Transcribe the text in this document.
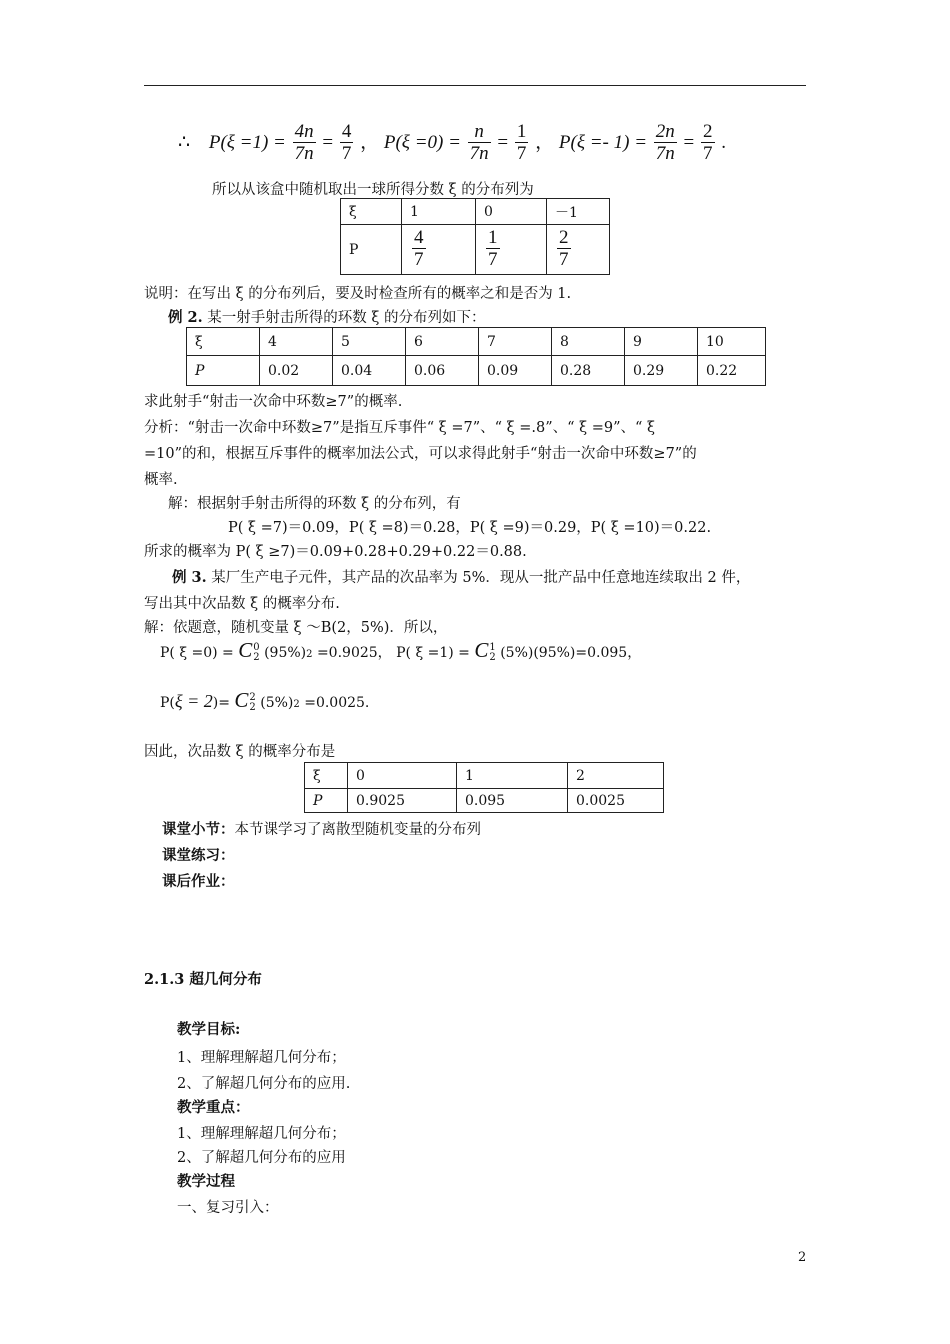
∴ $P(\xi =1) = \frac{4n}{7n} = \frac{4}{7}$ ， $P(\xi =0) = \frac{n}{7n} = \frac{1}{7}$ ， $P(\xi =- 1) = \frac{2n}{7n} = \frac{2}{7}$ .
所以从该盒中随机取出一球所得分数 ξ 的分布列为
ξ	1	0	－1
P	$\frac{4}{7}$	$\frac{1}{7}$	$\frac{2}{7}$
说明：在写出 ξ 的分布列后，要及时检查所有的概率之和是否为 1.
例 2. 某一射手射击所得的环数 ξ 的分布列如下：
ξ	4	5	6	7	8	9	10
P	0.02	0.04	0.06	0.09	0.28	0.29	0.22
求此射手“射击一次命中环数≥7”的概率.
分析：“射击一次命中环数≥7”是指互斥事件“ ξ =7”、“ ξ =.8”、“ ξ =9”、“ ξ
=10”的和，根据互斥事件的概率加法公式，可以求得此射手“射击一次命中环数≥7”的
概率.
解：根据射手射击所得的环数 ξ 的分布列，有
P( ξ =7)＝0.09，P( ξ =8)＝0.28，P( ξ =9)＝0.29，P( ξ =10)＝0.22.
所求的概率为 P( ξ ≥7)＝0.09+0.28+0.29+0.22＝0.88.
例 3. 某厂生产电子元件，其产品的次品率为 5%．现从一批产品中任意地连续取出 2 件，
写出其中次品数 ξ 的概率分布.
解：依题意，随机变量 ξ ～B(2，5%)．所以，
P( ξ =0) = C 0
2 (95%)2 =0.9025， P( ξ =1) = C 1
2 (5%)(95%)=0.095，
P(ξ = 2)= C 2
2 (5%)2 =0.0025.
因此，次品数 ξ 的概率分布是
ξ	0	1	2
P	0.9025	0.095	0.0025
课堂小节：本节课学习了离散型随机变量的分布列
课堂练习：
课后作业：
2.1.3 超几何分布
教学目标:
1、理解理解超几何分布；
2、了解超几何分布的应用.
教学重点：
1、理解理解超几何分布；
2、了解超几何分布的应用
教学过程
一、复习引入：
2
